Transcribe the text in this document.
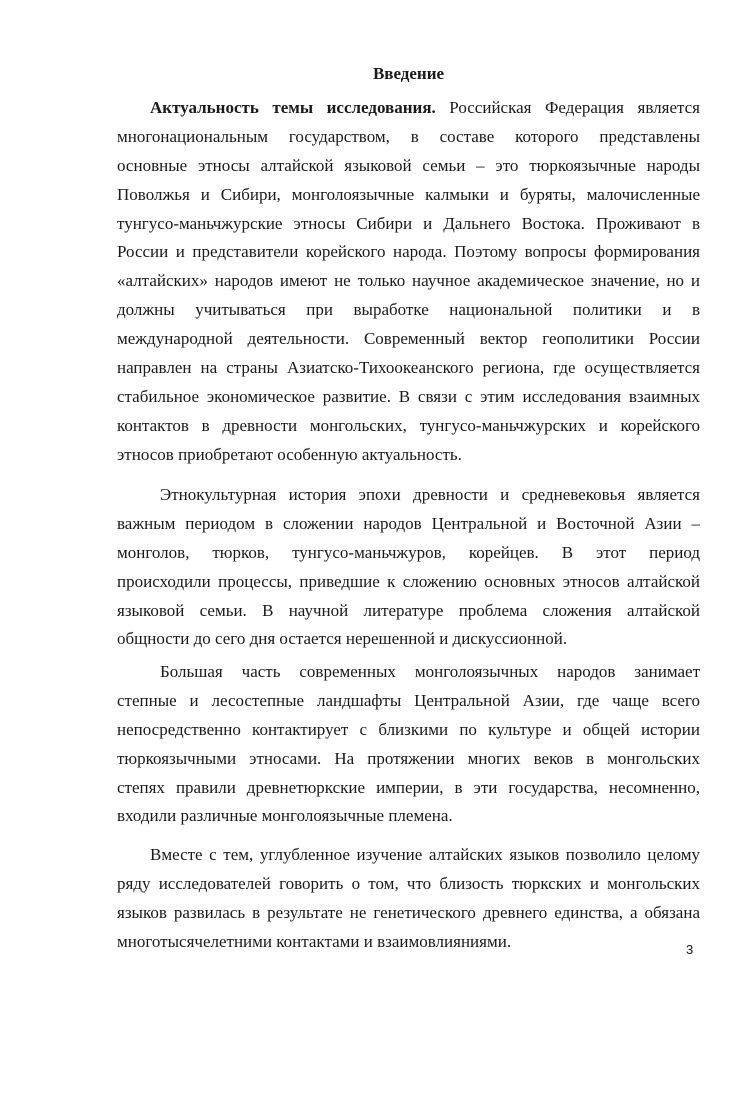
Введение
Актуальность темы исследования. Российская Федерация является
многонациональным государством, в составе которого представлены
основные этносы алтайской языковой семьи – это тюркоязычные народы
Поволжья и Сибири, монголоязычные калмыки и буряты, малочисленные
тунгусо-маньчжурские этносы Сибири и Дальнего Востока. Проживают в
России и представители корейского народа. Поэтому вопросы формирования
«алтайских» народов имеют не только научное академическое значение, но и
должны учитываться при выработке национальной политики и в
международной деятельности. Современный вектор геополитики России
направлен на страны Азиатско-Тихоокеанского региона, где осуществляется
стабильное экономическое развитие. В связи с этим исследования взаимных
контактов в древности монгольских, тунгусо-маньчжурских и корейского
этносов приобретают особенную актуальность.
Этнокультурная история эпохи древности и средневековья является
важным периодом в сложении народов Центральной и Восточной Азии –
монголов, тюрков, тунгусо-маньчжуров, корейцев. В этот период
происходили процессы, приведшие к сложению основных этносов алтайской
языковой семьи. В научной литературе проблема сложения алтайской
общности до сего дня остается нерешенной и дискуссионной.
Большая часть современных монголоязычных народов занимает
степные и лесостепные ландшафты Центральной Азии, где чаще всего
непосредственно контактирует с близкими по культуре и общей истории
тюркоязычными этносами. На протяжении многих веков в монгольских
степях правили древнетюркские империи, в эти государства, несомненно,
входили различные монголоязычные племена.
Вместе с тем, углубленное изучение алтайских языков позволило целому
ряду исследователей говорить о том, что близость тюркских и монгольских
языков развилась в результате не генетического древнего единства, а обязана
многотысячелетними контактами и взаимовлияниями.	3
